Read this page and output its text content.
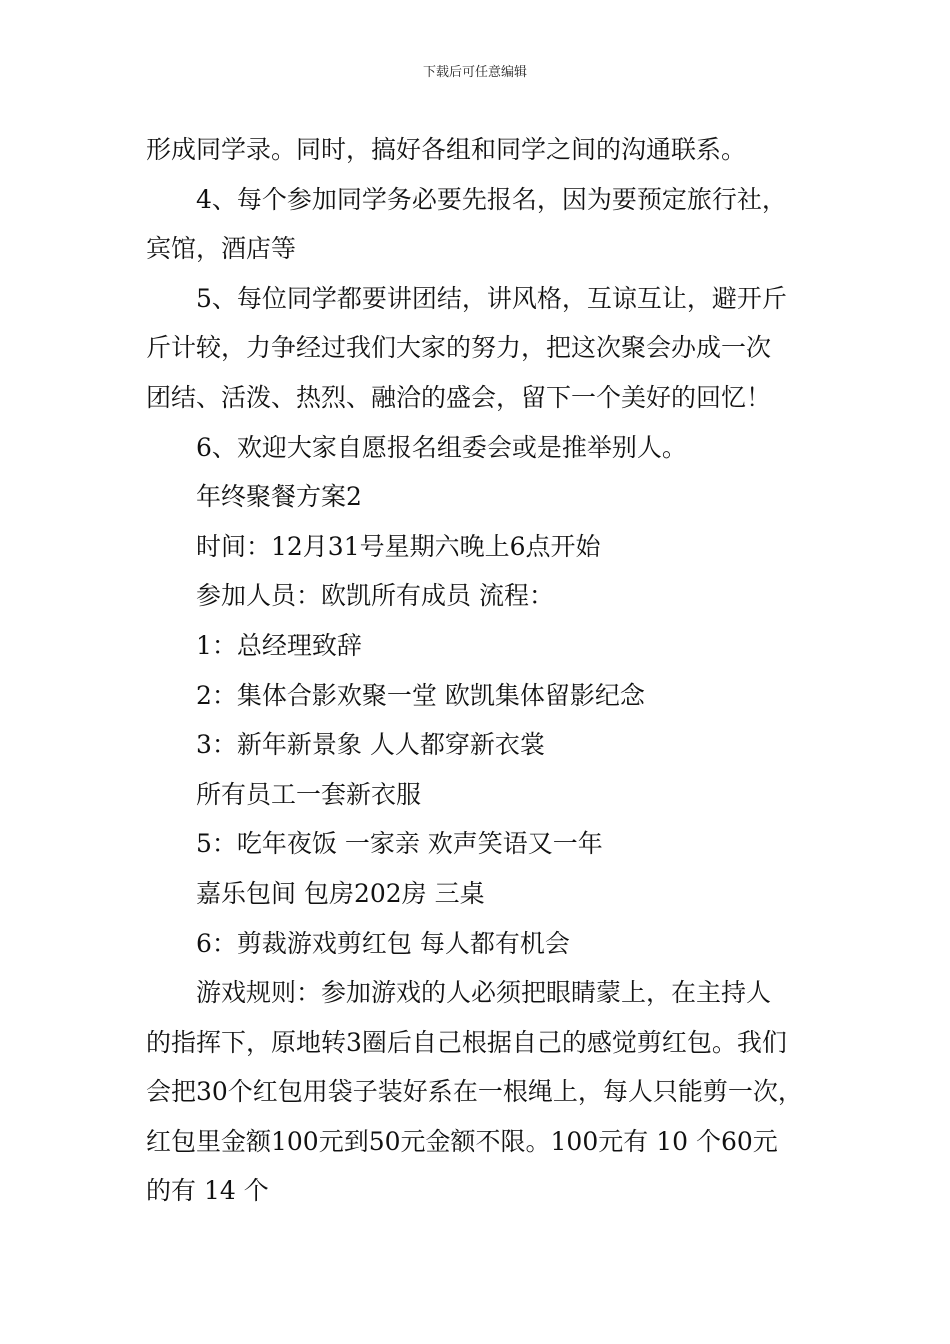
下载后可任意编辑
形成同学录。同时，搞好各组和同学之间的沟通联系。
4、每个参加同学务必要先报名，因为要预定旅行社，
宾馆，酒店等
5、每位同学都要讲团结，讲风格，互谅互让，避开斤
斤计较，力争经过我们大家的努力，把这次聚会办成一次
团结、活泼、热烈、融洽的盛会，留下一个美好的回忆！
6、欢迎大家自愿报名组委会或是推举别人。
年终聚餐方案2
时间：12月31号星期六晚上6点开始
参加人员：欧凯所有成员 流程：
1：总经理致辞
2：集体合影欢聚一堂 欧凯集体留影纪念
3：新年新景象 人人都穿新衣裳
所有员工一套新衣服
5：吃年夜饭 一家亲 欢声笑语又一年
嘉乐包间 包房202房 三桌
6：剪裁游戏剪红包 每人都有机会
游戏规则：参加游戏的人必须把眼睛蒙上，在主持人
的指挥下，原地转3圈后自己根据自己的感觉剪红包。我们
会把30个红包用袋子装好系在一根绳上，每人只能剪一次，
红包里金额100元到50元金额不限。100元有 10 个60元
的有 14 个
